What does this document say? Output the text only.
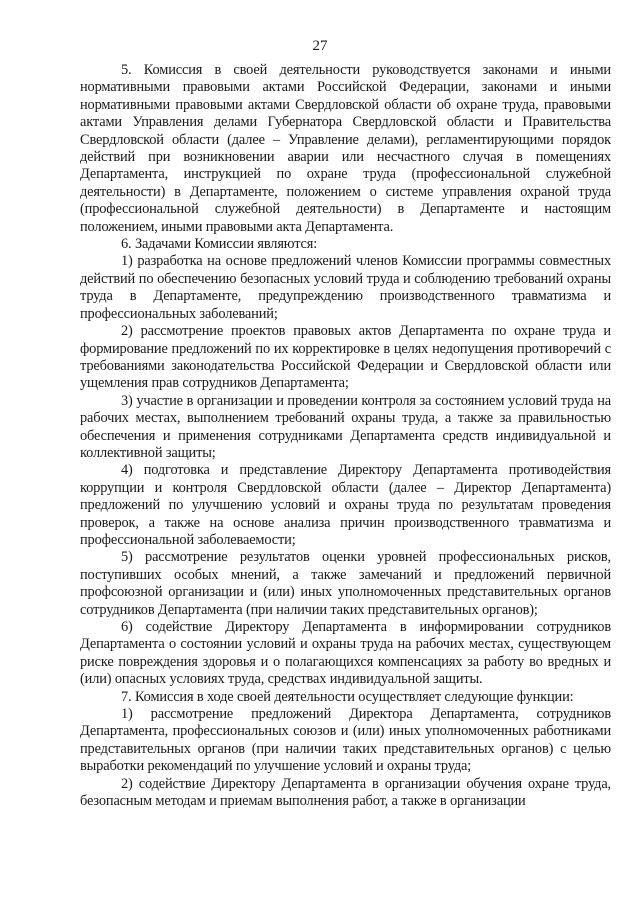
27

5. Комиссия в своей деятельности руководствуется законами и иными нормативными правовыми актами Российской Федерации, законами и иными нормативными правовыми актами Свердловской области об охране труда, правовыми актами Управления делами Губернатора Свердловской области и Правительства Свердловской области (далее – Управление делами), регламентирующими порядок действий при возникновении аварии или несчастного случая в помещениях Департамента, инструкцией по охране труда (профессиональной служебной деятельности) в Департаменте, положением о системе управления охраной труда (профессиональной служебной деятельности) в Департаменте и настоящим положением, иными правовыми акта Департамента.

6. Задачами Комиссии являются:

1) разработка на основе предложений членов Комиссии программы совместных действий по обеспечению безопасных условий труда и соблюдению требований охраны труда в Департаменте, предупреждению производственного травматизма и профессиональных заболеваний;

2) рассмотрение проектов правовых актов Департамента по охране труда и формирование предложений по их корректировке в целях недопущения противоречий с требованиями законодательства Российской Федерации и Свердловской области или ущемления прав сотрудников Департамента;

3) участие в организации и проведении контроля за состоянием условий труда на рабочих местах, выполнением требований охраны труда, а также за правильностью обеспечения и применения сотрудниками Департамента средств индивидуальной и коллективной защиты;

4) подготовка и представление Директору Департамента противодействия коррупции и контроля Свердловской области (далее – Директор Департамента) предложений по улучшению условий и охраны труда по результатам проведения проверок, а также на основе анализа причин производственного травматизма и профессиональной заболеваемости;

5) рассмотрение результатов оценки уровней профессиональных рисков, поступивших особых мнений, а также замечаний и предложений первичной профсоюзной организации и (или) иных уполномоченных представительных органов сотрудников Департамента (при наличии таких представительных органов);

6) содействие Директору Департамента в информировании сотрудников Департамента о состоянии условий и охраны труда на рабочих местах, существующем риске повреждения здоровья и о полагающихся компенсациях за работу во вредных и (или) опасных условиях труда, средствах индивидуальной защиты.

7. Комиссия в ходе своей деятельности осуществляет следующие функции:

1) рассмотрение предложений Директора Департамента, сотрудников Департамента, профессиональных союзов и (или) иных уполномоченных работниками представительных органов (при наличии таких представительных органов) с целью выработки рекомендаций по улучшение условий и охраны труда;

2) содействие Директору Департамента в организации обучения охране труда, безопасным методам и приемам выполнения работ, а также в организации
